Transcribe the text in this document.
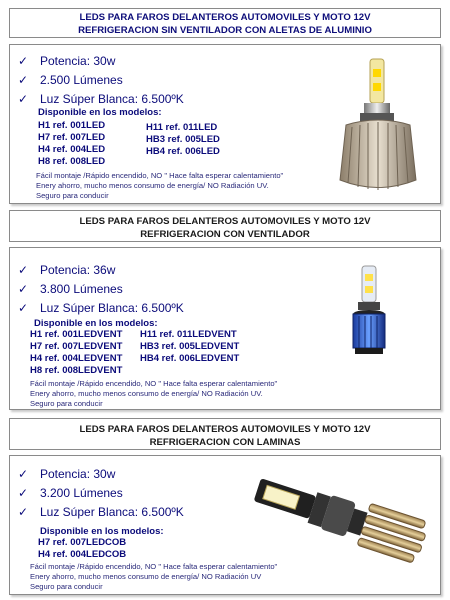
LEDS PARA FAROS DELANTEROS AUTOMOVILES Y MOTO 12V
REFRIGERACION SIN VENTILADOR CON ALETAS DE ALUMINIO
✓ Potencia: 30w
✓ 2.500 Lúmenes
✓ Luz Súper Blanca: 6.500ºK
Disponible en los modelos:
H1 ref. 001LED
H7 ref. 007LED
H4 ref. 004LED
H8 ref. 008LED
H11 ref. 011LED
HB3 ref. 005LED
HB4 ref. 006LED
Fácil montaje /Rápido encendido, NO " Hace falta esperar calentamiento"
Enery ahorro, mucho menos consumo de energía/ NO Radiación UV.
Seguro para conducir
LEDS PARA FAROS DELANTEROS AUTOMOVILES Y MOTO 12V
REFRIGERACION CON VENTILADOR
✓ Potencia: 36w
✓ 3.800 Lúmenes
✓ Luz Súper Blanca: 6.500ºK
Disponible en los modelos:
H1 ref. 001LEDVENT
H7 ref. 007LEDVENT
H4 ref. 004LEDVENT
H8 ref. 008LEDVENT
H11 ref. 011LEDVENT
HB3 ref. 005LEDVENT
HB4 ref. 006LEDVENT
Fácil montaje /Rápido encendido, NO " Hace falta esperar calentamiento"
Enery ahorro, mucho menos consumo de energía/ NO Radiación UV.
Seguro para conducir
LEDS PARA FAROS DELANTEROS AUTOMOVILES Y MOTO 12V
REFRIGERACION CON LAMINAS
✓ Potencia: 30w
✓ 3.200 Lúmenes
✓ Luz Súper Blanca: 6.500ºK
Disponible en los modelos:
H7 ref. 007LEDCOB
H4 ref. 004LEDCOB
Fácil montaje /Rápido encendido, NO " Hace falta esperar calentamiento"
Enery ahorro, mucho menos consumo de energía/ NO Radiación UV
Seguro para conducir
